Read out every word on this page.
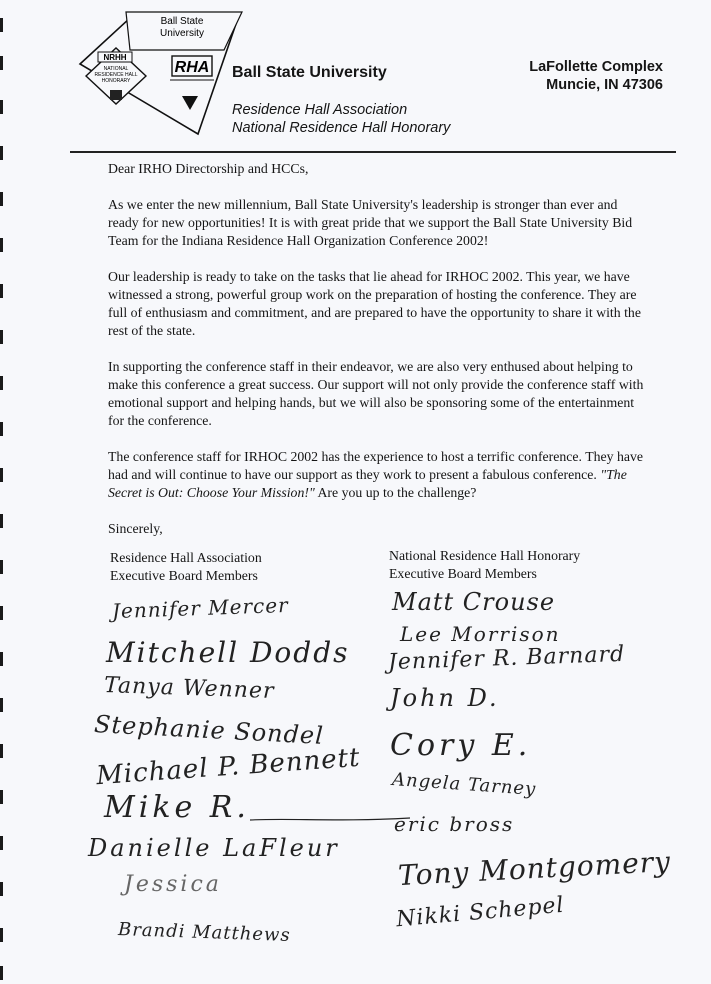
Ball State
University
NRHH
NATIONAL
RESIDENCE HALL
HONORARY
RHA Ball State University
Residence Hall Association
National Residence Hall Honorary
LaFollette Complex
Muncie, IN 47306

Dear IRHO Directorship and HCCs,

As we enter the new millennium, Ball State University's leadership is stronger than ever and ready for new opportunities! It is with great pride that we support the Ball State University Bid Team for the Indiana Residence Hall Organization Conference 2002!

Our leadership is ready to take on the tasks that lie ahead for IRHOC 2002. This year, we have witnessed a strong, powerful group work on the preparation of hosting the conference. They are full of enthusiasm and commitment, and are prepared to have the opportunity to share it with the rest of the state.

In supporting the conference staff in their endeavor, we are also very enthused about helping to make this conference a great success. Our support will not only provide the conference staff with emotional support and helping hands, but we will also be sponsoring some of the entertainment for the conference.

The conference staff for IRHOC 2002 has the experience to host a terrific conference. They have had and will continue to have our support as they work to present a fabulous conference. "The Secret is Out: Choose Your Mission!" Are you up to the challenge?

Sincerely,

Residence Hall Association
Executive Board Members
National Residence Hall Honorary
Executive Board Members
Jennifer Mercer
Mitchell Dodds
Tanya Wenner
Stephanie Sondel
Michael P. Bennett
Mike R.
Danielle LaFleur
Jessica
Brandi Matthews
Matt Crouse
Lee Morrison
Jennifer R. Barnard
John D.
Cory E.
Angela Tarney
eric bross
Tony Montgomery
Nikki Schepel
